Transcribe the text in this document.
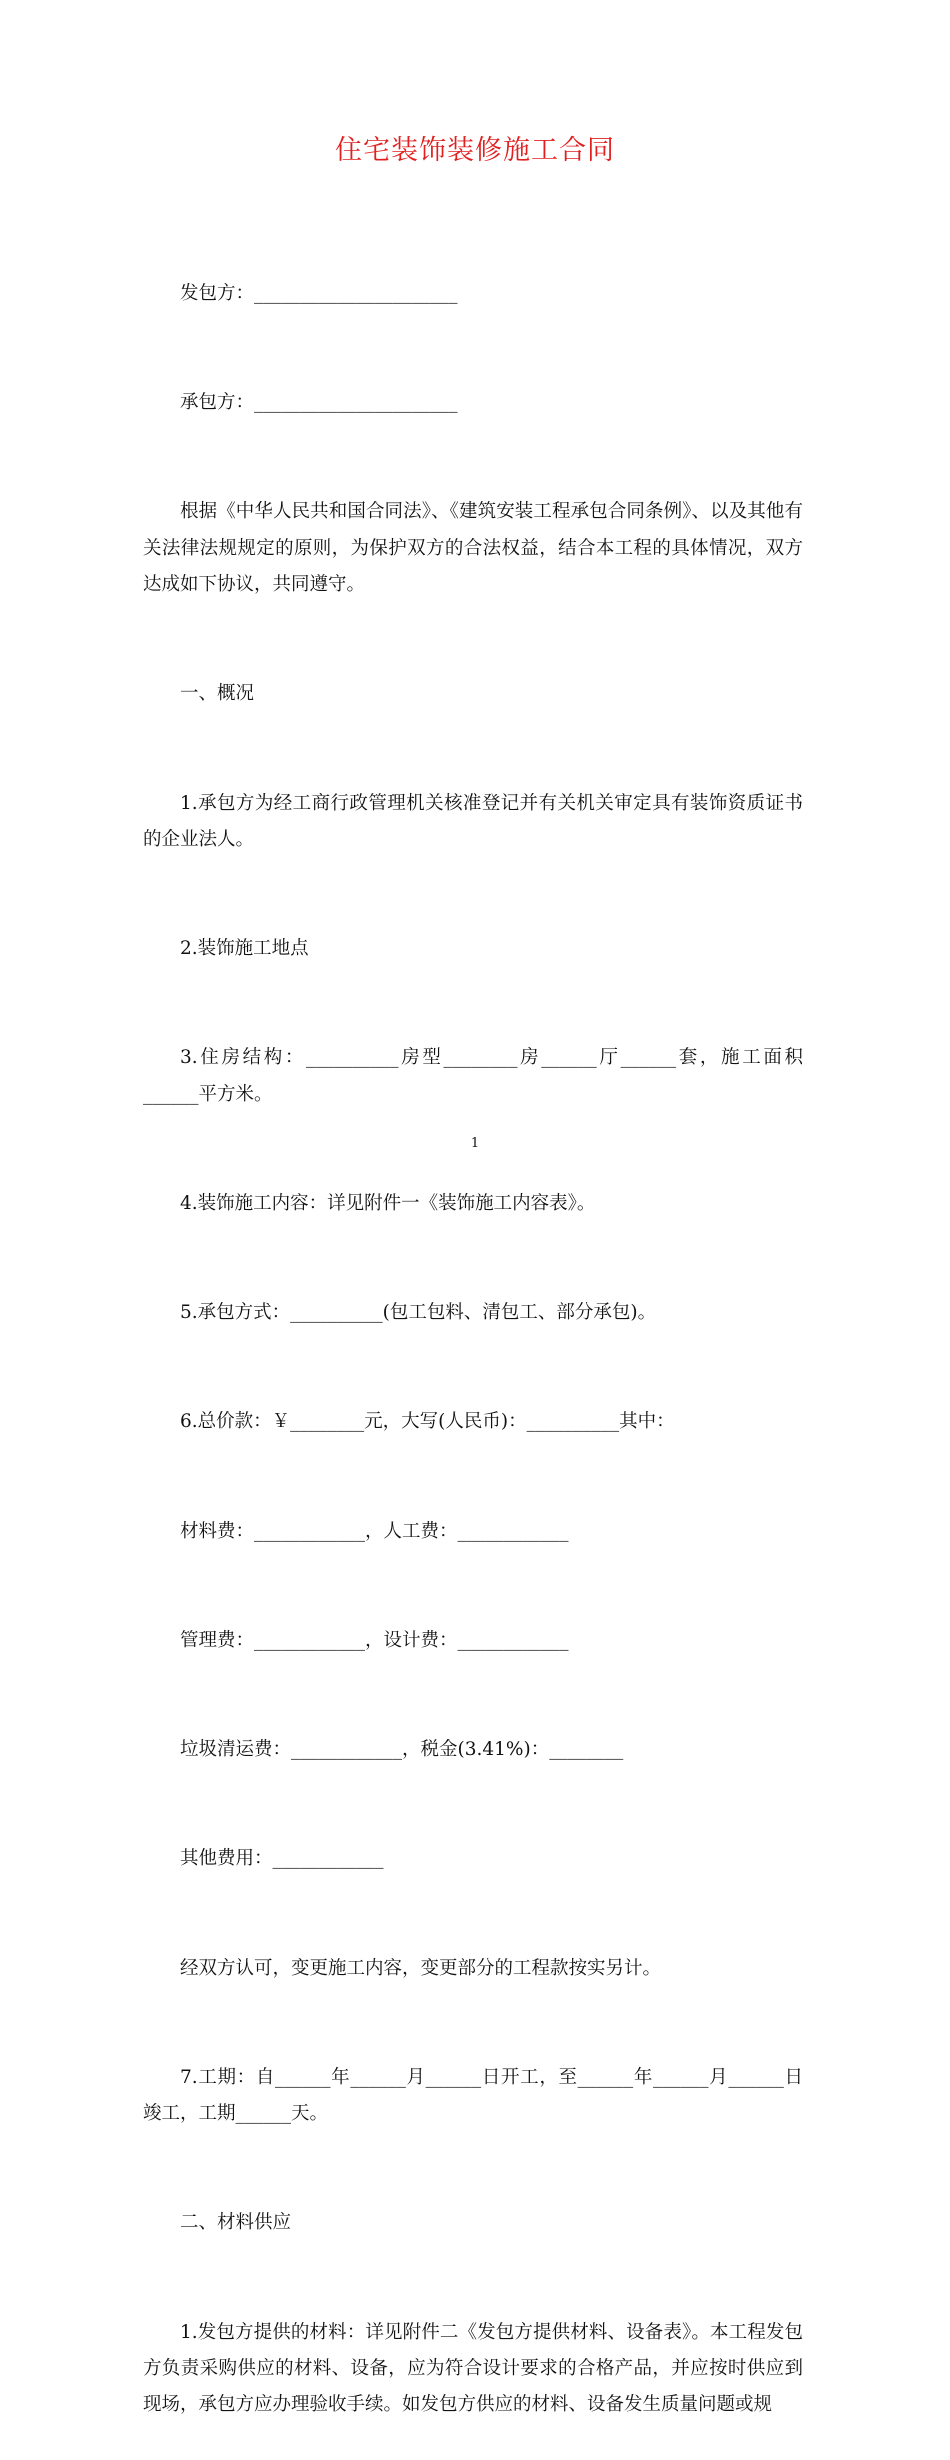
住宅装饰装修施工合同

发包方：______________________

承包方：______________________

根据《中华人民共和国合同法》、《建筑安装工程承包合同条例》、以及其他有关法律法规规定的原则，为保护双方的合法权益，结合本工程的具体情况，双方达成如下协议，共同遵守。

一、概况

1.承包方为经工商行政管理机关核准登记并有关机关审定具有装饰资质证书的企业法人。

2.装饰施工地点

3.住房结构：__________房型________房______厅______套，施工面积______平方米。

4.装饰施工内容：详见附件一《装饰施工内容表》。

5.承包方式：__________(包工包料、清包工、部分承包)。

6.总价款：￥________元，大写(人民币)：__________其中：

材料费：____________，人工费：____________

管理费：____________，设计费：____________

垃圾清运费：____________，税金(3.41%)：________

其他费用：____________

经双方认可，变更施工内容，变更部分的工程款按实另计。

7.工期：自______年______月______日开工，至______年______月______日竣工，工期______天。

二、材料供应

1.发包方提供的材料：详见附件二《发包方提供材料、设备表》。本工程发包方负责采购供应的材料、设备，应为符合设计要求的合格产品，并应按时供应到现场，承包方应办理验收手续。如发包方供应的材料、设备发生质量问题或规

1
